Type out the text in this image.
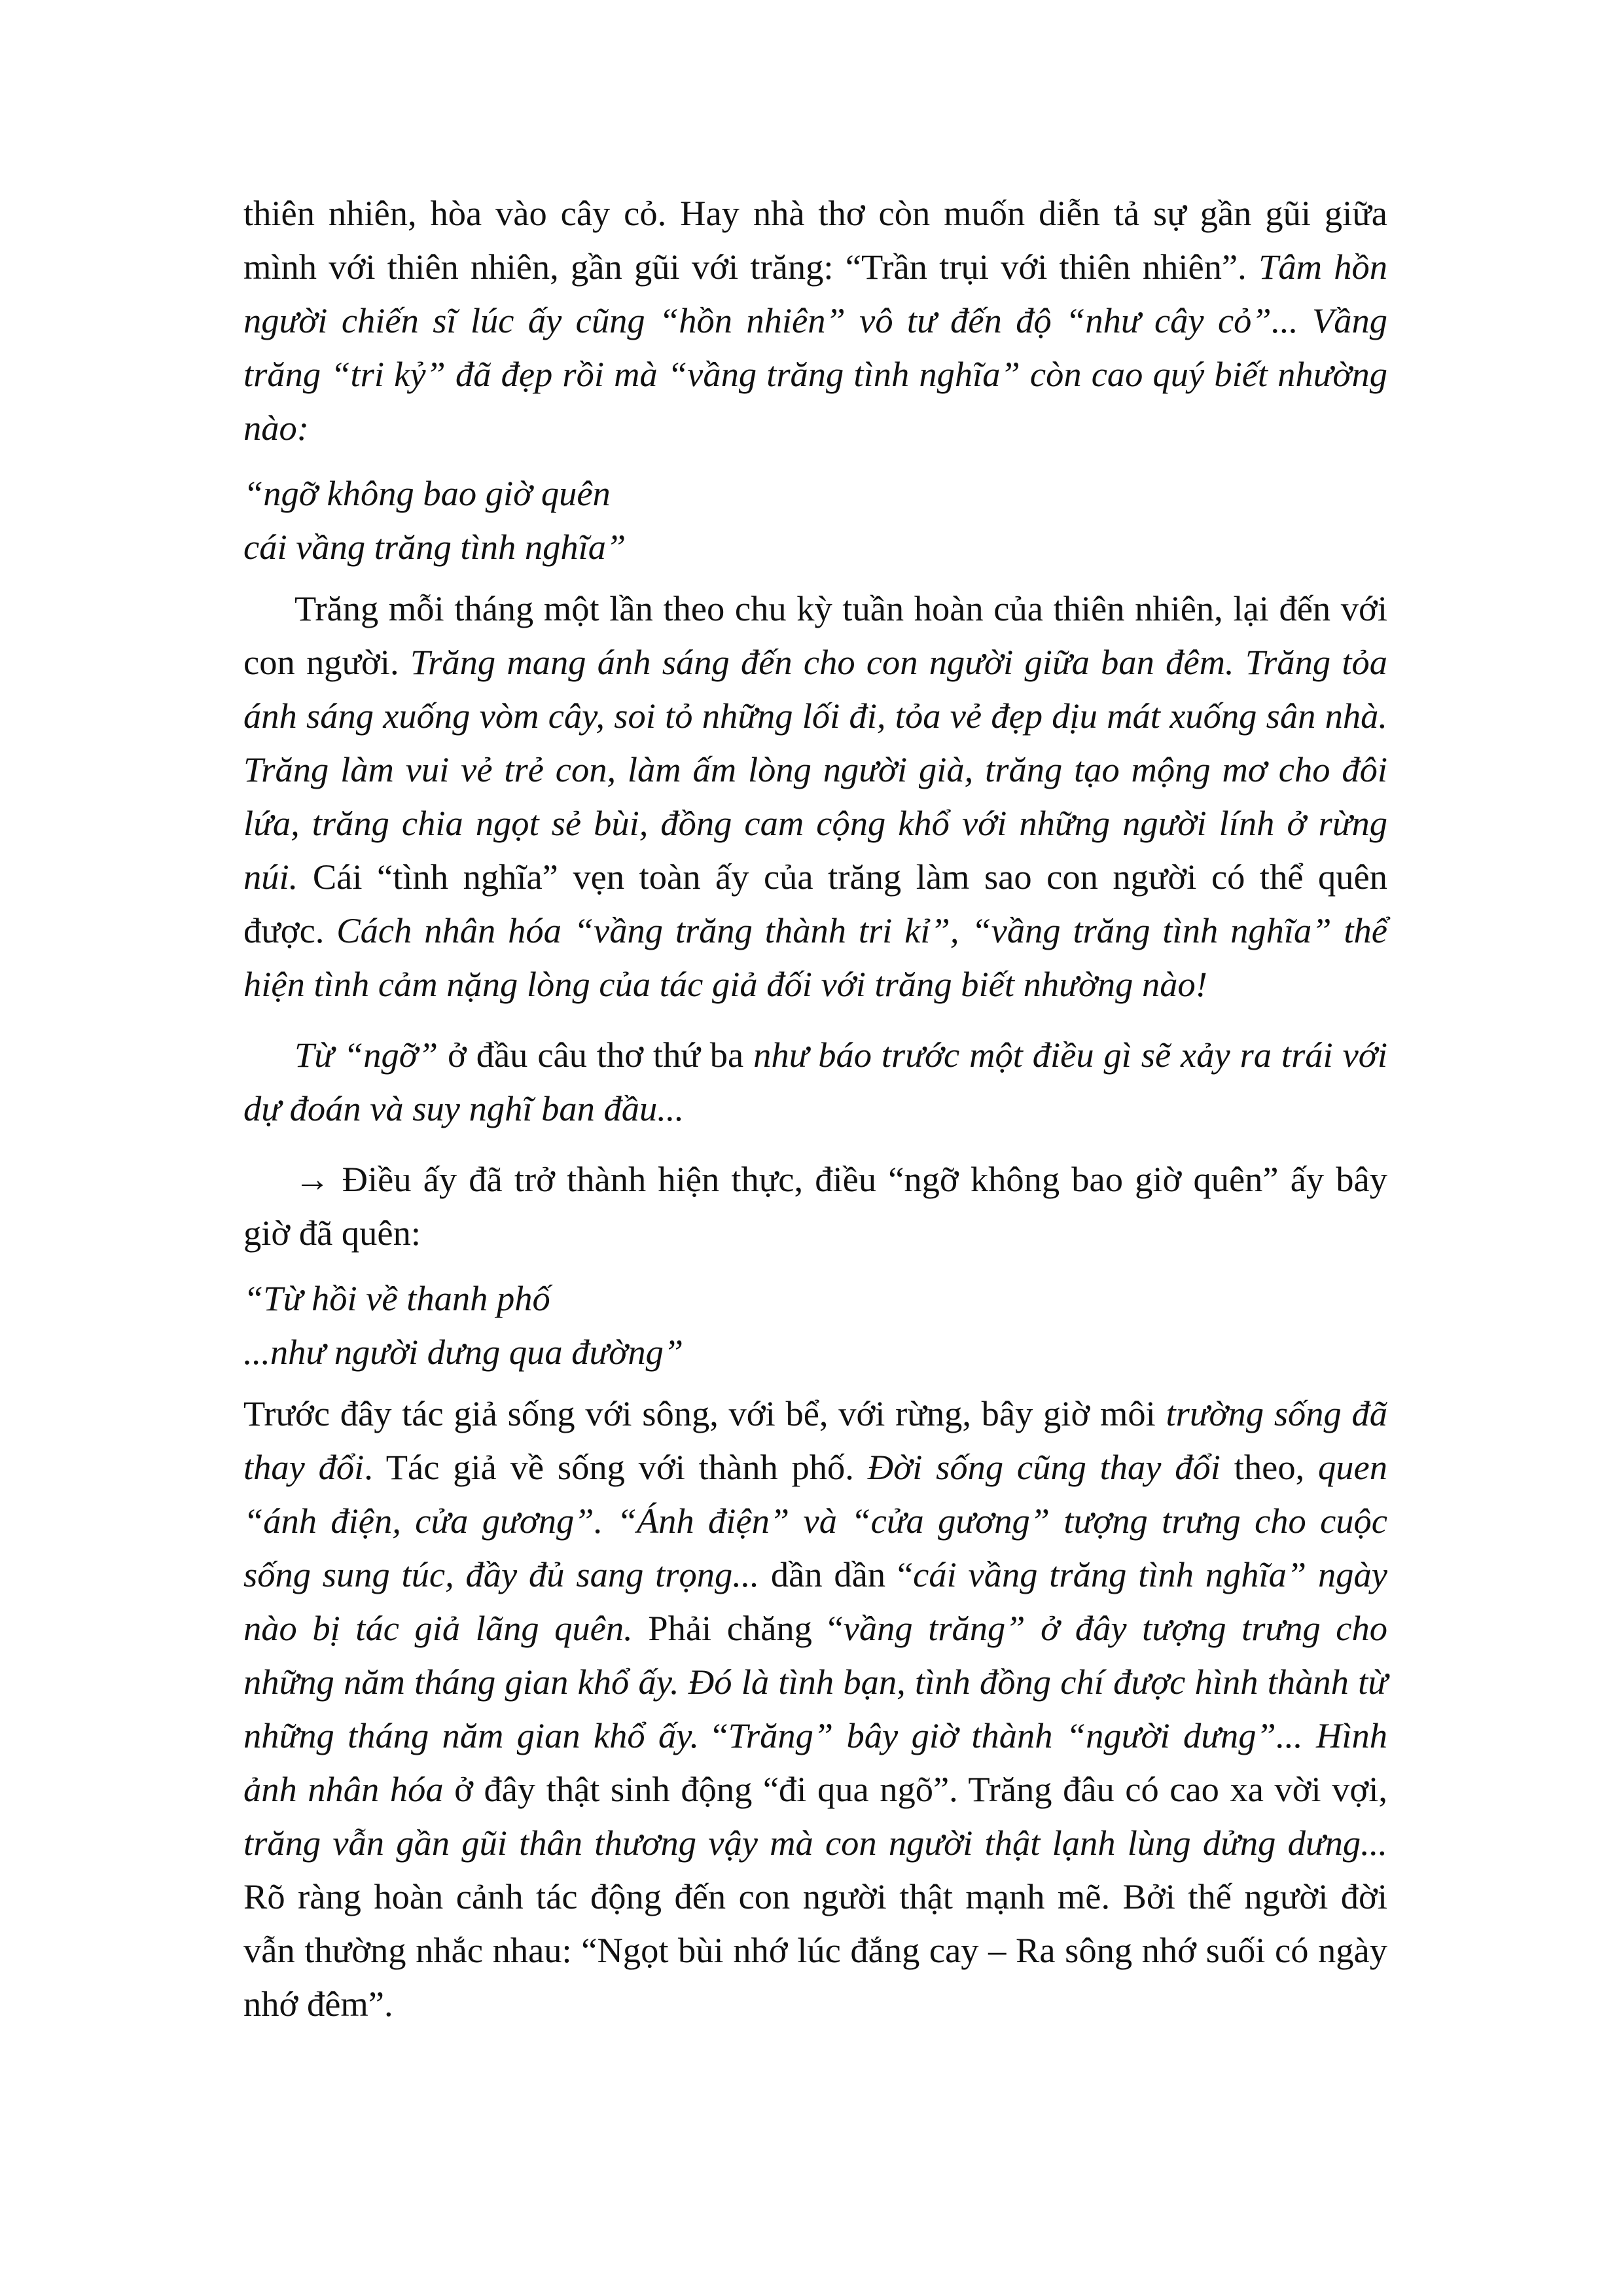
thiên nhiên, hòa vào cây cỏ. Hay nhà thơ còn muốn diễn tả sự gần gũi giữa mình với thiên nhiên, gần gũi với trăng: “Trần trụi với thiên nhiên”. Tâm hồn người chiến sĩ lúc ấy cũng “hồn nhiên” vô tư đến độ “như cây cỏ”... Vầng trăng “tri kỷ” đã đẹp rồi mà “vầng trăng tình nghĩa” còn cao quý biết nhường nào:

“ngỡ không bao giờ quên

cái vầng trăng tình nghĩa”

Trăng mỗi tháng một lần theo chu kỳ tuần hoàn của thiên nhiên, lại đến với con người. Trăng mang ánh sáng đến cho con người giữa ban đêm. Trăng tỏa ánh sáng xuống vòm cây, soi tỏ những lối đi, tỏa vẻ đẹp dịu mát xuống sân nhà. Trăng làm vui vẻ trẻ con, làm ấm lòng người già, trăng tạo mộng mơ cho đôi lứa, trăng chia ngọt sẻ bùi, đồng cam cộng khổ với những người lính ở rừng núi. Cái “tình nghĩa” vẹn toàn ấy của trăng làm sao con người có thể quên được. Cách nhân hóa “vầng trăng thành tri kỉ”, “vầng trăng tình nghĩa” thể hiện tình cảm nặng lòng của tác giả đối với trăng biết nhường nào!

Từ “ngỡ” ở đầu câu thơ thứ ba như báo trước một điều gì sẽ xảy ra trái với dự đoán và suy nghĩ ban đầu...

→ Điều ấy đã trở thành hiện thực, điều “ngỡ không bao giờ quên” ấy bây giờ đã quên:

“Từ hồi về thanh phố

...như người dưng qua đường”

Trước đây tác giả sống với sông, với bể, với rừng, bây giờ môi trường sống đã thay đổi. Tác giả về sống với thành phố. Đời sống cũng thay đổi theo, quen “ánh điện, cửa gương”. “Ánh điện” và “cửa gương” tượng trưng cho cuộc sống sung túc, đầy đủ sang trọng... dần dần “cái vầng trăng tình nghĩa” ngày nào bị tác giả lãng quên. Phải chăng “vầng trăng” ở đây tượng trưng cho những năm tháng gian khổ ấy. Đó là tình bạn, tình đồng chí được hình thành từ những tháng năm gian khổ ấy. “Trăng” bây giờ thành “người dưng”... Hình ảnh nhân hóa ở đây thật sinh động “đi qua ngõ”. Trăng đâu có cao xa vời vợi, trăng vẫn gần gũi thân thương vậy mà con người thật lạnh lùng dửng dưng... Rõ ràng hoàn cảnh tác động đến con người thật mạnh mẽ. Bởi thế người đời vẫn thường nhắc nhau: “Ngọt bùi nhớ lúc đắng cay – Ra sông nhớ suối có ngày nhớ đêm”.
